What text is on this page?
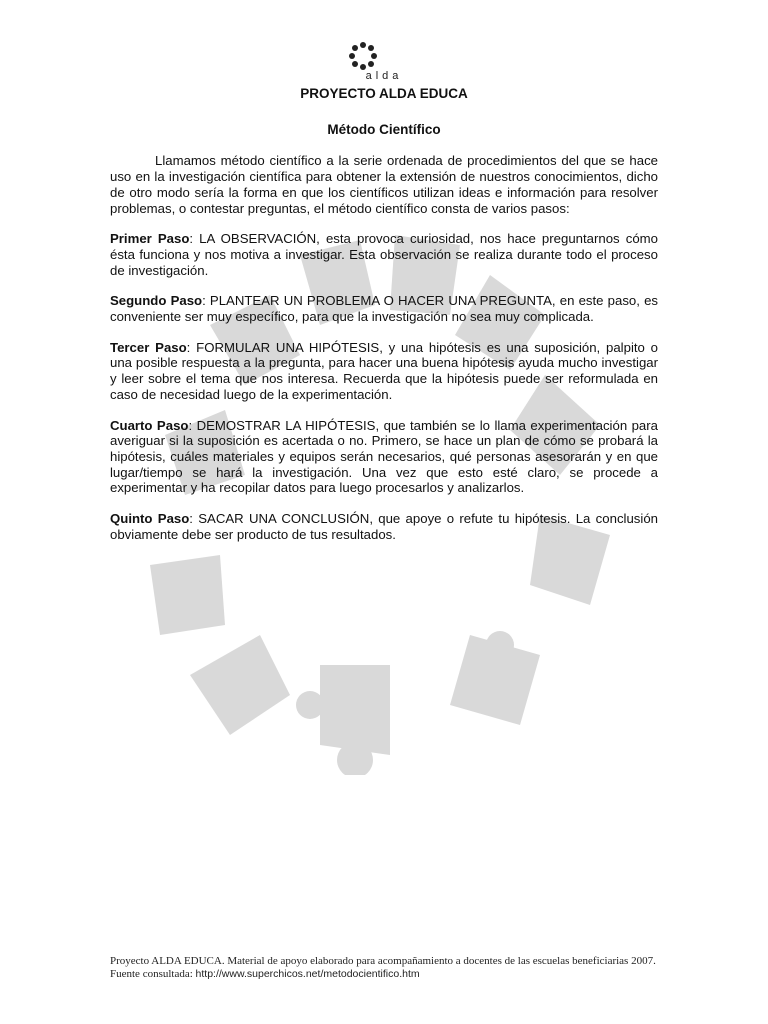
alda

PROYECTO ALDA EDUCA

Método Científico

Llamamos método científico a la serie ordenada de procedimientos del que se hace uso en la investigación científica para obtener la extensión de nuestros conocimientos, dicho de otro modo sería la forma en que los científicos utilizan ideas e información para resolver problemas, o contestar preguntas, el método científico consta de varios pasos:

Primer Paso: LA OBSERVACIÓN, esta provoca curiosidad, nos hace preguntarnos cómo ésta funciona y nos motiva a investigar. Esta observación se realiza durante todo el proceso de investigación.

Segundo Paso: PLANTEAR UN PROBLEMA O HACER UNA PREGUNTA, en este paso, es conveniente ser muy específico, para que la investigación no sea muy complicada.

Tercer Paso: FORMULAR UNA HIPÓTESIS, y una hipótesis es una suposición, palpito o una posible respuesta a la pregunta, para hacer una buena hipótesis ayuda mucho investigar y leer sobre el tema que nos interesa. Recuerda que la hipótesis puede ser reformulada en caso de necesidad luego de la experimentación.

Cuarto Paso: DEMOSTRAR LA HIPÓTESIS, que también se lo llama experimentación para averiguar si la suposición es acertada o no. Primero, se hace un plan de cómo se probará la hipótesis, cuáles materiales y equipos serán necesarios, qué personas asesorarán y en que lugar/tiempo se hará la investigación. Una vez que esto esté claro, se procede a experimentar y ha recopilar datos para luego procesarlos y analizarlos.

Quinto Paso: SACAR UNA CONCLUSIÓN, que apoye o refute tu hipótesis. La conclusión obviamente debe ser producto de tus resultados.

Proyecto ALDA EDUCA. Material de apoyo elaborado para acompañamiento a docentes de las escuelas beneficiarias 2007. Fuente consultada: http://www.superchicos.net/metodocientifico.htm
